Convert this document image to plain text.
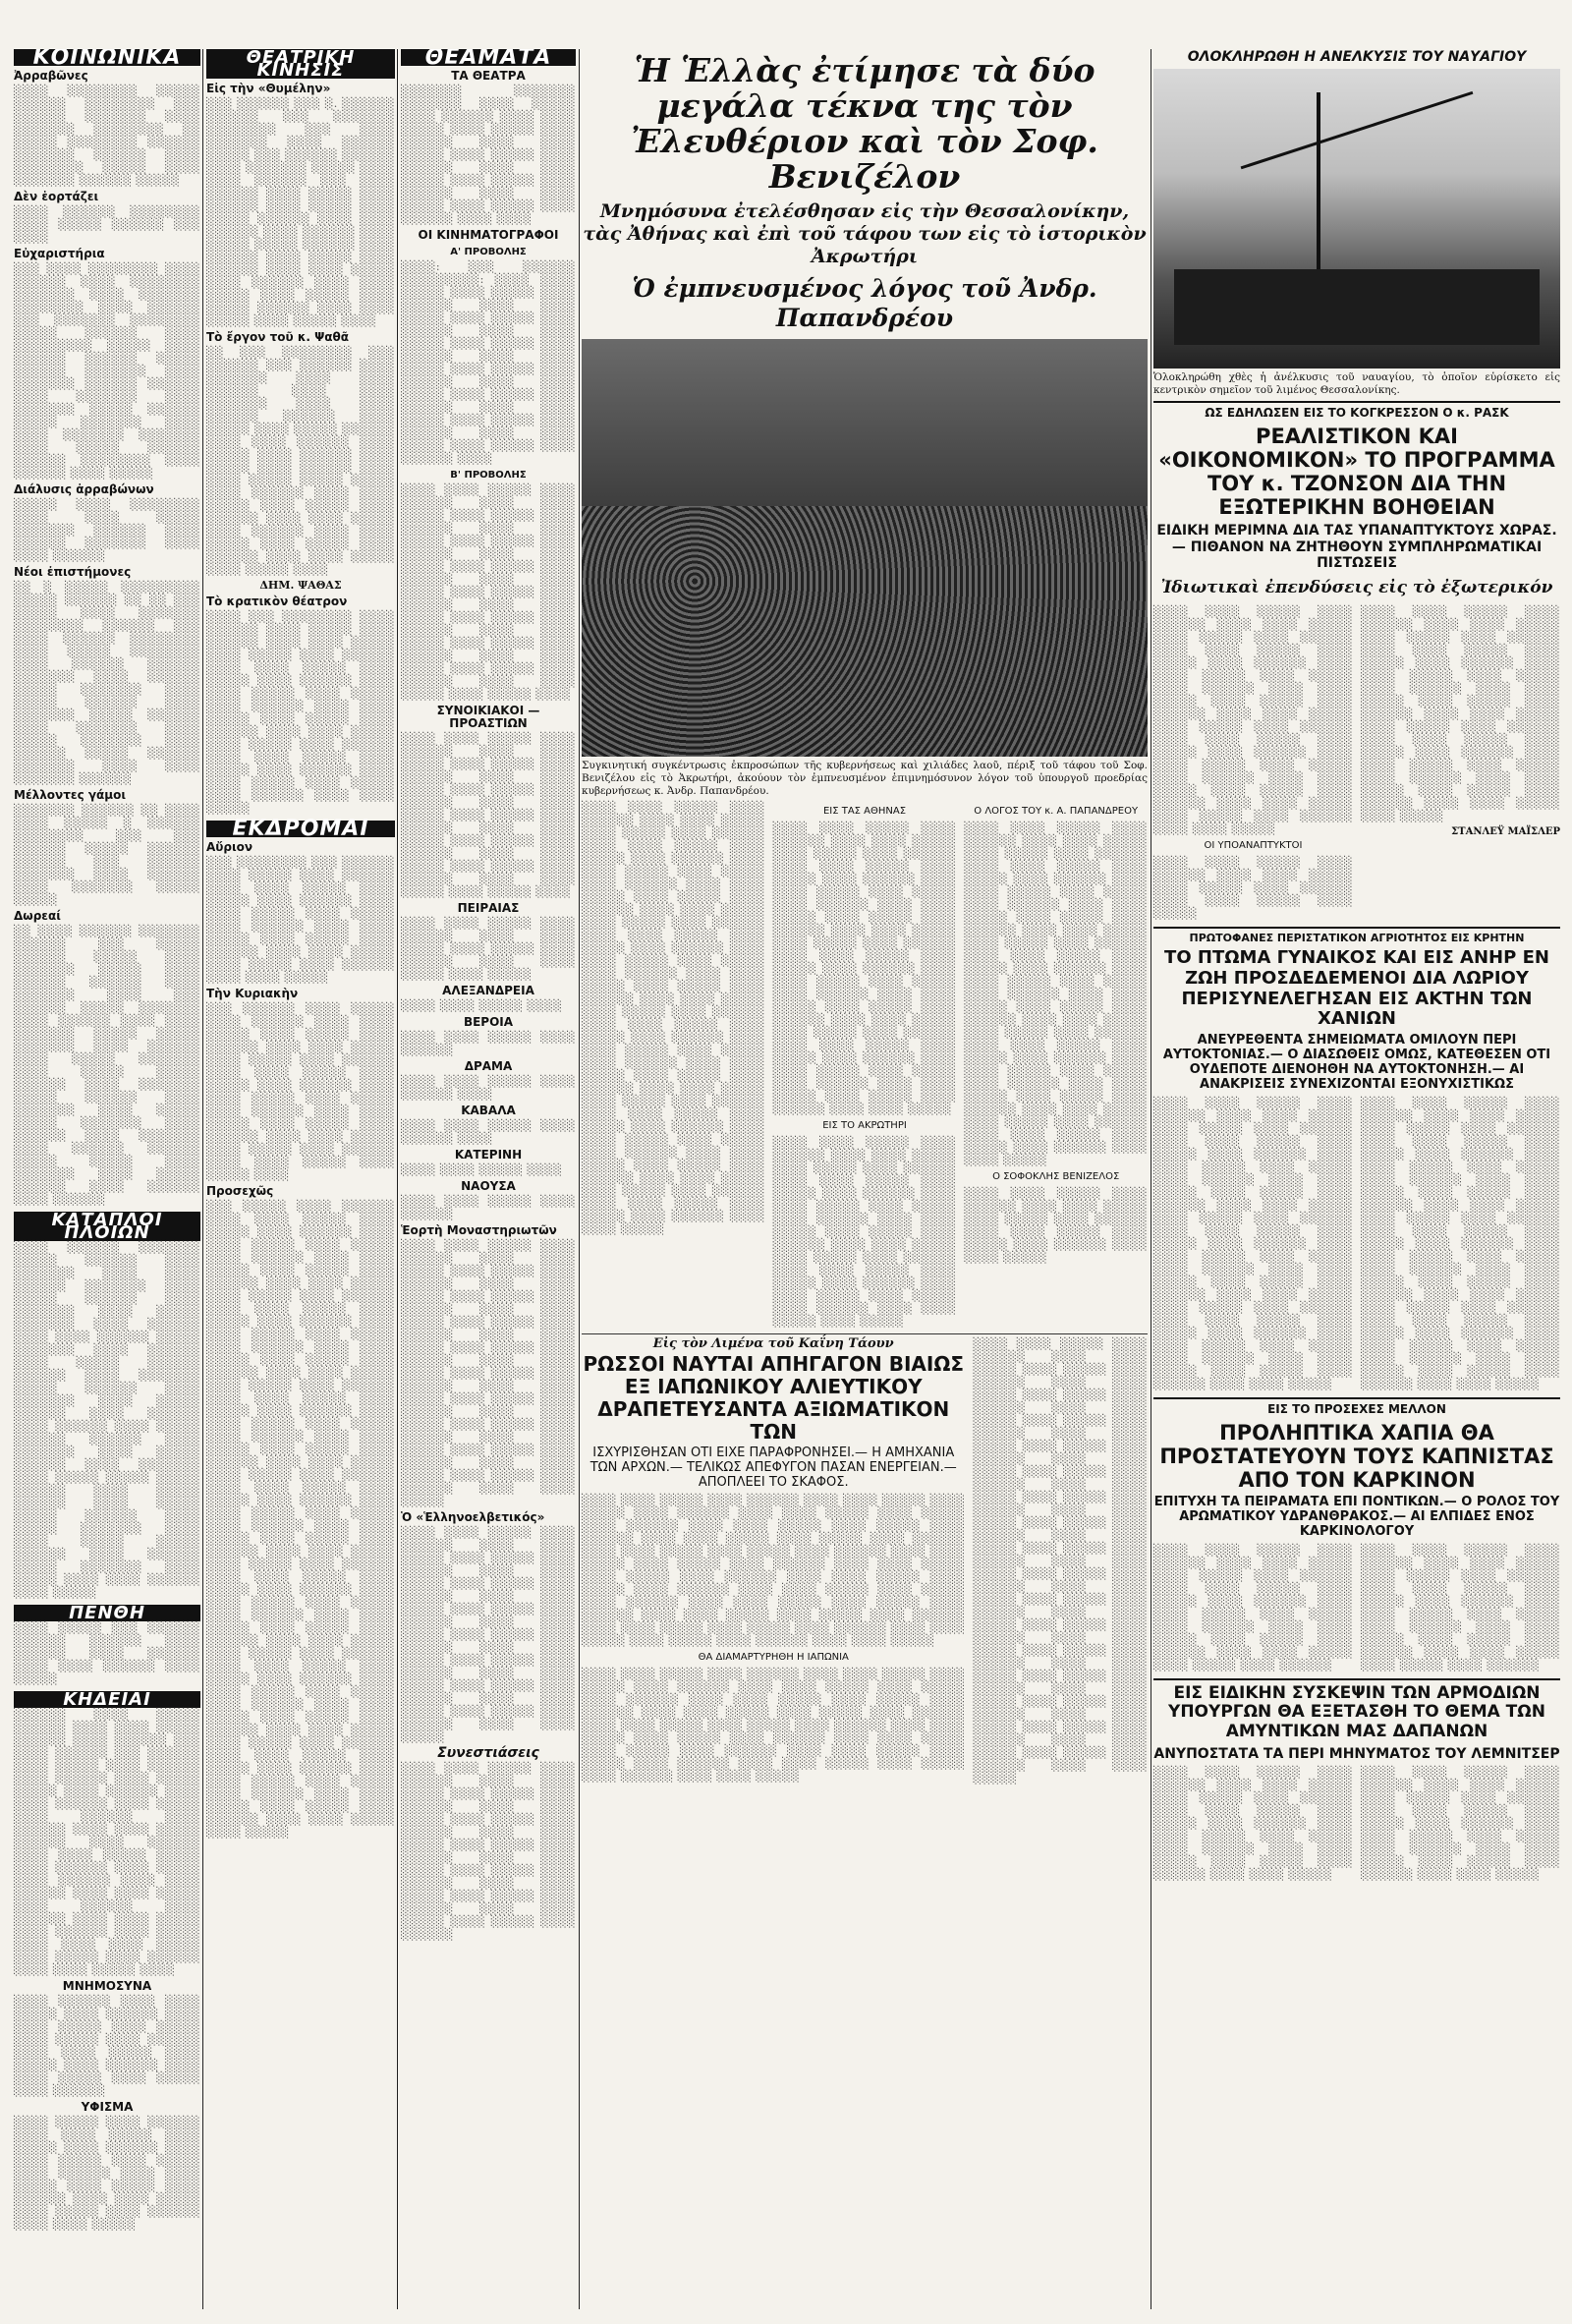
ΚΟΙΝΩΝΙΚΑ
Ἀρραβῶνες
░░░░ ░░░░░░░░ ░░░░░ ░░░░░░ ░░░░░░░░ ░░░ ░░░░░░ ░░░░░░░ ░░░░ ░░░░░░░ ░░░░░░░░ ░░ ░░░░░ ░░░░░░░░ ░░░░░░ ░░░░░░░ ░░░░░░ ░░░░ ░░░░░░░░ ░░░░░ ░░░░ ░░░░░░░ ░░░░░░ ░░░░░
Δὲν ἑορτάζει
░░░░ ░░░░░░ ░░░░░░░░ ░░░░ ░░░░░ ░░░░░░ ░░░ ░░░░
Εὐχαριστήρια
░░░ ░░░░ ░░░░░░░░ ░░░░ ░░░░░░ ░░░░ ░░░░░░░░ ░░░░░░░ ░░░░ ░░░░░░░ ░░░░░░░░ ░░░░ ░░░░░░ ░░░ ░░░░░░░ ░░░░░░░░ ░░░░░ ░░░░░░ ░░░░ ░░░░░░░░░ ░░░░░ ░░░░ ░░░░░░ ░░░░░░ ░░░░░ ░░░░░░ ░░░░░░░ ░░░░ ░░░░░░░ ░░░░░░ ░░░░░░ ░░░░ ░░░░░░░ ░░░░ ░░░░░░░ ░░░░░ ░░░░░░ ░░░░░ ░░░░░░░ ░░░░ ░░░░ ░░░░░░░ ░░░░░░░ ░░░░ ░░░░░ ░░░░░░ ░░░░░░ ░░░░░░░░ ░░░░ ░░░░░░ ░░░░ ░░░░░
Διάλυσις ἀρραβώνων
░░░░░ ░░░░ ░░░░░░░░ ░░░░ ░░░░ ░░░░░ ░░░░░░░ ░░░░░░ ░░░░ ░░░░░░ ░░░░░░░ ░░░░ ░░░░ ░░░░░░
Νέοι ἐπιστήμονες
░░ ░ ░░░░░ ░░░░░░░░░ ░░░░░ ░░░░░░ ░░ ░░ ░░░ ░░░░░ ░░░░ ░░░░░░░ ░░░░░░░░ ░░░░░░ ░░░ ░░░░ ░░░░░░ ░░░░░░░░ ░░░░ ░░░░░ ░░░░░░░░ ░░░░ ░░░░░░ ░░░░░░ ░░░░░░░ ░░░░ ░░░░░░ ░░░░░ ░░░░░░░ ░░░░ ░░░░░ ░░░░░░ ░░░░ ░░░░░░░ ░░░░░ ░░░░░░ ░░░░ ░░░░░░░ ░░░░ ░░░░░ ░░░░░░░ ░░░░ ░░░░░░ ░░░░░ ░░░░░░ ░░░░░░░ ░░░░ ░░░░ ░░░░░░░ ░░░░░░
Μέλλοντες γάμοι
░░░░░░░ ░░░░░░ ░░ ░░░░ ░░░░ ░░░░░ ░ ░░░░░░ ░░░░░░░░ ░░░ ░░░ ░░░░░░ ░░░░░ ░░░░░░ ░░░░░░ ░░░ ░░░░░░ ░░░░░░░ ░░░░ ░░░░░░ ░░░░ ░░░░░░░ ░░░░░ ░░░░░
Δωρεαί
░░ ░░░░ ░░░░░░ ░░░░░░░ ░░░░░░ ░░░ ░░░░░ ░░░░░░ ░░░░░ ░░░░ ░░░░░░░ ░░░░░ ░░░░ ░░░░░░ ░░░░░░ ░░░░ ░░░░░░░ ░░░░ ░░░ ░░░░░░ ░░░░░ ░░░░░░░ ░░░░ ░░░░░░ ░░░░ ░░░░ ░░░░░░░ ░░░░░ ░░░░░ ░░░░░░░ ░░░░ ░░░░░░ ░░░░ ░░░░░ ░░░░░░░ ░░░░ ░░░░░ ░░░░░ ░░░░░░ ░░░░ ░░░░░░░ ░░░░░ ░░░░░░ ░░░░ ░░░░░░░ ░░░░ ░░░░░ ░░░░░ ░░░░░░░ ░░░░ ░░░░░░ ░░░░ ░░░░░░░ ░░░░ ░░░░░░ ░░░░░░ ░░░░░ ░░░░░ ░░░░ ░░░░░░░ ░░░░ ░░░░░ ░░░░░░ ░░░░ ░░░░░░ ░░░░ ░░░░░░
ΚΑΤΑΠΛΟΙ ΠΛΟΙΩΝ
░░░░ ░░░░░░ ░░░░░░░ ░░░░░ ░░░░░░ ░░░░ ░░░░░░░ ░░░░ ░░░░ ░░░░░░ ░░░░░░░ ░░░░ ░░░░░ ░░░░░░ ░░░░ ░░░░░░░ ░░░░ ░░░░░ ░░░░░░░ ░░░░ ░░░░░░ ░░░░ ░░░░ ░░░░░░ ░░░░░ ░░░░░░░ ░░░░ ░░░░░░ ░░░░ ░░░░░ ░░░░░░ ░░░░░░ ░░░░ ░░░░░░░ ░░░░░ ░░░░░░ ░░░░ ░░░░░░░ ░░░░ ░░░░░ ░░░░░░ ░░░░ ░░░░░░ ░░░░ ░░░░░░ ░░░░ ░░░░░ ░░░░░░ ░░░░░░ ░░░░ ░░░░░░░ ░░░░ ░░░░░ ░░░░░░ ░░░░ ░░░░░░░ ░░░░ ░░░░░ ░░░░░ ░░░░░ ░░░░░░ ░░░░ ░░░░░ ░░░░░░ ░░░░ ░░░░░ ░░░░░ ░░░░░░ ░░░░ ░░░░░ ░░░░░░░ ░░░░ ░░░░ ░░░░░ ░░░░░ ░░░░░░ ░░░░ ░░░░░░ ░░░░░ ░░░░░░░ ░░░░ ░░░░░ ░░░░ ░░░░ ░░░░░░ ░░░░ ░░░░░
ΠΕΝΘΗ
░░░░ ░░░░░ ░░░ ░░░░░░ ░░░░░░ ░░░░░░ ░░░░ ░░░░░░ ░░░░ ░░░░░░ ░░░░ ░░░░ ░░░░░░ ░░░░ ░░░░░
ΚΗΔΕΙΑΙ
░░░░░░ ░░░░ ░░░░░ ░░░░░░ ░░░░ ░░░░ ░░░░░ ░░░░░░ ░░░░ ░░░░░░ ░░░ ░░░░ ░░░░░░ ░░░ ░░░░░░ ░░░░ ░░░░░ ░░░░ ░░░░░░ ░░░░ ░░░░░░ ░░░░ ░░░░░ ░░░░░ ░░░░ ░░░░░░ ░░░░ ░░░░ ░░░░░░ ░░░░ ░░░░░ ░░░░ ░░░░░░ ░░░░ ░░░░░░ ░░░░ ░░░░ ░░░░░ ░░░░░░ ░░░░ ░░░░░░ ░░░░ ░░░░ ░░░░░ ░░░░░ ░░░░ ░░░░░░ ░░░░ ░░░░░ ░░░░ ░░░░░░ ░░░░ ░░░░ ░░░░░░ ░░░░ ░░░░ ░░░░░ ░░░░ ░░░░░░ ░░░░ ░░░░░░ ░░░░ ░░░░ ░░░░░ ░░░░ ░░░░░░ ░░░░ ░░░░░ ░░░░ ░░░░ ░░░░ ░░░░░ ░░░░ ░░░░░ ░░░░ ░░░░░░ ░░░░ ░░░░ ░░░░░ ░░░░
ΜΝΗΜΟΣΥΝΑ
░░░░ ░░░░░░ ░░░░ ░░░░ ░░░░░ ░░░░ ░░░░░░ ░░░░ ░░░░ ░░░░░ ░░░░ ░░░░░ ░░░░ ░░░░░ ░░░░ ░░░░░░ ░░░░ ░░░░ ░░░░░ ░░░░ ░░░░░ ░░░░ ░░░░░░ ░░░░ ░░░░ ░░░░░ ░░░░ ░░░░░ ░░░░ ░░░░░░
ΥΦΙΣΜΑ
░░░░ ░░░░░ ░░░░ ░░░░░░ ░░░░ ░░░░ ░░░░░ ░░░░ ░░░░░ ░░░░ ░░░░░░ ░░░░ ░░░░ ░░░░░ ░░░░ ░░░░░ ░░░░ ░░░░░░ ░░░░ ░░░░ ░░░░░ ░░░░ ░░░░░ ░░░░ ░░░░░░ ░░░░ ░░░░ ░░░░░ ░░░░ ░░░░░ ░░░░ ░░░░░░ ░░░░ ░░░░ ░░░░░
ΘΕΑΤΡΙΚΗ ΚΙΝΗΣΙΣ
Εἰς τὴν «Θυμέλην»
░░░ ░░░░░░ ░░░ ░. ░░░░░░ ░░░░░░ ░░░ ░░░░░░░ ░░░░░░░░ ░░░ ░░░░ ░░░░░░░ ░░░░ ░░░░░░ ░░░░░ ░░░ ░░░░░░ ░░░░░░ ░░░░ ░░░░░░░ ░░░░░ ░░░░ ░░░░ ░░░░░░ ░░░ ░░░░ ░░░░░░ ░░░░ ░░░░░ ░░░░ ░░░░░░ ░░░░ ░░░░░ ░░░░ ░░░░░ ░░░░░░ ░░░░ ░░░░ ░░░░░░ ░░░░ ░░░░░░ ░░░░ ░░░░░ ░░░░░ ░░░░░░ ░░░░ ░░░░░░ ░░░░ ░░░░░ ░░░░ ░░░░░░ ░░░░ ░░░░ ░░░░░ ░░░░ ░░░░░░ ░░░░ ░░░░ ░░░░░ ░░░░ ░░░░░ ░░░░ ░░░░░ ░░░░░░ ░░░░ ░░░░ ░░░░░ ░░░░ ░░░░░ ░░░░
Τὸ ἔργον τοῦ κ. Ψαθᾶ
░░ ░░░ ░░░░░░░░ ░░░ ░░░░░░ ░░░ ░░░░░░ ░░░░ ░░░░░░░ ░░░░ ░░░░ ░░░░░░ ░░░░ ░░░░ ░░░░░░░ ░░░░ ░░░░ ░░░░░░ ░░░░░░ ░░░░ ░░░░░ ░░░░ ░░░░░ ░░░░░░ ░░░░ ░░░░ ░░░░░░ ░░░░ ░░░░░ ░░░░ ░░░░░░ ░░░░ ░░░░░ ░░░░ ░░░░░░ ░░░░ ░░░░ ░░░░░ ░░░░░ ░░░░░ ░░░░ ░░░░░░ ░░░░ ░░░░ ░░░░░ ░░░░ ░░░░░ ░░░░ ░░░░░░ ░░░░ ░░░░ ░░░░░ ░░░░ ░░░░░░ ░░░░ ░░░░ ░░░░░ ░░░░ ░░░░░ ░░░░ ░░░░░░ ░░░░ ░░░░ ░░░░░ ░░░░ ░░░░░ ░░░░
ΔΗΜ. ΨΑΘΑΣ
Τὸ κρατικὸν θέατρον
░░░░ ░░░ ░░░░░░░░ ░░░░ ░░░░░░ ░░░░ ░░░░░ ░░░░ ░░░░░░ ░░░░ ░░░░ ░░░░░ ░░░░ ░░░░░ ░░░░ ░░░░░░ ░░░░ ░░░░ ░░░░░ ░░░░ ░░░░░ ░░░░ ░░░░░░ ░░░░ ░░░░ ░░░░░ ░░░░ ░░░░░ ░░░░ ░░░░░░ ░░░░ ░░░░ ░░░░░ ░░░░ ░░░░░ ░░░░ ░░░░░░ ░░░░ ░░░░ ░░░░░ ░░░░ ░░░░░ ░░░░ ░░░░░░ ░░░░ ░░░░ ░░░░░ ░░░░ ░░░░░ ░░░░ ░░░░░░ ░░░░ ░░░░ ░░░░░ ░░░░ ░░░░░ ░░░░ ░░░░░░ ░░░░ ░░░░ ░░░░░
ΕΚΔΡΟΜΑΙ
Αὔριον
░░░ ░░░░░░░░ ░░░ ░░░░░░ ░░░░ ░░░░░ ░░░░ ░░░░░░ ░░░░ ░░░░ ░░░░░ ░░░░ ░░░░░ ░░░░ ░░░░░░ ░░░░ ░░░░ ░░░░░ ░░░░ ░░░░░ ░░░░ ░░░░░░ ░░░░ ░░░░ ░░░░░ ░░░░ ░░░░░ ░░░░ ░░░░░░ ░░░░ ░░░░ ░░░░░ ░░░░ ░░░░░ ░░░░ ░░░░░░ ░░░░ ░░░░ ░░░░░
Τὴν Κυριακὴν
░░░ ░░░░░░ ░░░░ ░░░░░ ░░░░ ░░░░░░ ░░░░ ░░░░ ░░░░░ ░░░░ ░░░░░ ░░░░ ░░░░░░ ░░░░ ░░░░ ░░░░░ ░░░░ ░░░░░ ░░░░ ░░░░░░ ░░░░ ░░░░ ░░░░░ ░░░░ ░░░░░ ░░░░ ░░░░░░ ░░░░ ░░░░ ░░░░░ ░░░░ ░░░░░ ░░░░ ░░░░░░ ░░░░ ░░░░ ░░░░░ ░░░░ ░░░░░ ░░░░ ░░░░░░ ░░░░ ░░░░ ░░░░░ ░░░░ ░░░░░ ░░░░ ░░░░░░ ░░░░ ░░░░ ░░░░░ ░░░░ ░░░░░ ░░░░
Προσεχῶς
░░░ ░░░░░ ░░░░ ░░░░░░ ░░░░ ░░░░ ░░░░░ ░░░░ ░░░░░ ░░░░ ░░░░░░ ░░░░ ░░░░ ░░░░░ ░░░░ ░░░░░ ░░░░ ░░░░░░ ░░░░ ░░░░ ░░░░░ ░░░░ ░░░░░ ░░░░ ░░░░░░ ░░░░ ░░░░ ░░░░░ ░░░░ ░░░░░ ░░░░ ░░░░░░ ░░░░ ░░░░ ░░░░░ ░░░░ ░░░░░ ░░░░ ░░░░░░ ░░░░ ░░░░ ░░░░░ ░░░░ ░░░░░ ░░░░ ░░░░░░ ░░░░ ░░░░ ░░░░░ ░░░░ ░░░░░ ░░░░ ░░░░░░ ░░░░ ░░░░ ░░░░░ ░░░░ ░░░░░ ░░░░ ░░░░░░ ░░░░ ░░░░ ░░░░░ ░░░░ ░░░░░ ░░░░ ░░░░░░ ░░░░ ░░░░ ░░░░░ ░░░░ ░░░░░ ░░░░ ░░░░░░ ░░░░ ░░░░ ░░░░░ ░░░░ ░░░░░ ░░░░ ░░░░░░ ░░░░ ░░░░ ░░░░░ ░░░░ ░░░░░ ░░░░ ░░░░░░ ░░░░ ░░░░ ░░░░░ ░░░░ ░░░░░ ░░░░ ░░░░░░ ░░░░ ░░░░ ░░░░░ ░░░░ ░░░░░ ░░░░ ░░░░░░ ░░░░ ░░░░ ░░░░░ ░░░░ ░░░░░ ░░░░ ░░░░░░ ░░░░ ░░░░ ░░░░░ ░░░░ ░░░░░ ░░░░ ░░░░░░ ░░░░ ░░░░ ░░░░░ ░░░░ ░░░░░ ░░░░ ░░░░░░ ░░░░ ░░░░ ░░░░░ ░░░░ ░░░░░ ░░░░ ░░░░░░ ░░░░ ░░░░ ░░░░░ ░░░░ ░░░░░ ░░░░ ░░░░░░ ░░░░ ░░░░ ░░░░░ ░░░░ ░░░░░ ░░░░ ░░░░░░ ░░░░ ░░░░ ░░░░░ ░░░░ ░░░░░ ░░░░ ░░░░░░ ░░░░ ░░░░ ░░░░░ ░░░░ ░░░░░ ░░░░ ░░░░░░ ░░░░ ░░░░ ░░░░░ ░░░░ ░░░░░ ░░░░ ░░░░░░ ░░░░ ░░░░ ░░░░░ ░░░░ ░░░░░ ░░░░ ░░░░░░ ░░░░ ░░░░ ░░░░░ ░░░░ ░░░░░ ░░░░ ░░░░░░ ░░░░ ░░░░ ░░░░░ ░░░░ ░░░░░ ░░░░ ░░░░░░ ░░░░ ░░░░ ░░░░░ ░░░░ ░░░░░ ░░░░ ░░░░░░ ░░░░ ░░░░ ░░░░░ ░░░░ ░░░░░
ΘΕΑΜΑΤΑ
ΤΑ ΘΕΑΤΡΑ
░░░░░░░ ░░░░░░░ ░░░░░░░ ░░░░ ░░░░░ ░░░░ ░░░░░░ ░░░░ ░░░░ ░░░░░ ░░░░ ░░░░░ ░░░░ ░░░░░░ ░░░░ ░░░░ ░░░░░ ░░░░ ░░░░░ ░░░░ ░░░░░░ ░░░░ ░░░░ ░░░░░ ░░░░ ░░░░░ ░░░░ ░░░░░░ ░░░░ ░░░░ ░░░░░ ░░░░ ░░░░░ ░░░░ ░░░░░░ ░░░░ ░░░░
ΟΙ ΚΙΝΗΜΑΤΟΓΡΑΦΟΙ
Α' ΠΡΟΒΟΛΗΣ
░░░░: ░░░ ░░░░░░ ░░░░░░░░░: ░░░░ ░░░░ ░░░░░ ░░░░ ░░░░░ ░░░░ ░░░░░░ ░░░░ ░░░░ ░░░░░ ░░░░ ░░░░░ ░░░░ ░░░░░░ ░░░░ ░░░░ ░░░░░ ░░░░ ░░░░░ ░░░░ ░░░░░░ ░░░░ ░░░░ ░░░░░ ░░░░ ░░░░░ ░░░░ ░░░░░░ ░░░░ ░░░░ ░░░░░ ░░░░ ░░░░░ ░░░░ ░░░░░░ ░░░░ ░░░░ ░░░░░ ░░░░ ░░░░░ ░░░░ ░░░░░░ ░░░░ ░░░░ ░░░░░ ░░░░ ░░░░░ ░░░░ ░░░░░░ ░░░░
Β' ΠΡΟΒΟΛΗΣ
░░░░ ░░░░ ░░░░░ ░░░░ ░░░░░░ ░░░░ ░░░░ ░░░░░ ░░░░ ░░░░░ ░░░░ ░░░░░░ ░░░░ ░░░░ ░░░░░ ░░░░ ░░░░░ ░░░░ ░░░░░░ ░░░░ ░░░░ ░░░░░ ░░░░ ░░░░░ ░░░░ ░░░░░░ ░░░░ ░░░░ ░░░░░ ░░░░ ░░░░░ ░░░░ ░░░░░░ ░░░░ ░░░░ ░░░░░ ░░░░ ░░░░░ ░░░░ ░░░░░░ ░░░░ ░░░░ ░░░░░ ░░░░ ░░░░░ ░░░░ ░░░░░░ ░░░░ ░░░░ ░░░░░ ░░░░ ░░░░░ ░░░░ ░░░░░░ ░░░░ ░░░░ ░░░░░ ░░░░ ░░░░░ ░░░░
ΣΥΝΟΙΚΙΑΚΟΙ — ΠΡΟΑΣΤΙΩΝ
░░░░ ░░░░ ░░░░░ ░░░░ ░░░░░░ ░░░░ ░░░░ ░░░░░ ░░░░ ░░░░░ ░░░░ ░░░░░░ ░░░░ ░░░░ ░░░░░ ░░░░ ░░░░░ ░░░░ ░░░░░░ ░░░░ ░░░░ ░░░░░ ░░░░ ░░░░░ ░░░░ ░░░░░░ ░░░░ ░░░░ ░░░░░ ░░░░ ░░░░░ ░░░░ ░░░░░░ ░░░░ ░░░░ ░░░░░ ░░░░ ░░░░░ ░░░░ ░░░░░░ ░░░░ ░░░░ ░░░░░ ░░░░ ░░░░░ ░░░░
ΠΕΙΡΑΙΑΣ
░░░░ ░░░░ ░░░░░ ░░░░ ░░░░░░ ░░░░ ░░░░ ░░░░░ ░░░░ ░░░░░ ░░░░ ░░░░░░ ░░░░ ░░░░ ░░░░░ ░░░░ ░░░░░
ΑΛΕΞΑΝΔΡΕΙΑ
░░░░ ░░░░ ░░░░░ ░░░░
ΒΕΡΟΙΑ
░░░░ ░░░░ ░░░░░ ░░░░ ░░░░░░
ΔΡΑΜΑ
░░░░ ░░░░ ░░░░░ ░░░░ ░░░░░░ ░░░░
ΚΑΒΑΛΑ
░░░░ ░░░░ ░░░░░ ░░░░ ░░░░░░ ░░░░
ΚΑΤΕΡΙΝΗ
░░░░ ░░░░ ░░░░░ ░░░░
ΝΑΟΥΣΑ
░░░░ ░░░░ ░░░░░ ░░░░ ░░░░░░
Ἑορτὴ Μοναστηριωτῶν
░░░░ ░░░░ ░░░░░ ░░░░ ░░░░░░ ░░░░ ░░░░ ░░░░░ ░░░░ ░░░░░ ░░░░ ░░░░░░ ░░░░ ░░░░ ░░░░░ ░░░░ ░░░░░ ░░░░ ░░░░░░ ░░░░ ░░░░ ░░░░░ ░░░░ ░░░░░ ░░░░ ░░░░░░ ░░░░ ░░░░ ░░░░░ ░░░░ ░░░░░ ░░░░ ░░░░░░ ░░░░ ░░░░ ░░░░░ ░░░░ ░░░░░ ░░░░ ░░░░░░ ░░░░ ░░░░ ░░░░░ ░░░░ ░░░░░ ░░░░ ░░░░░░ ░░░░ ░░░░ ░░░░░ ░░░░ ░░░░░ ░░░░ ░░░░░░ ░░░░ ░░░░ ░░░░░ ░░░░ ░░░░░ ░░░░ ░░░░░░ ░░░░ ░░░░ ░░░░░ ░░░░ ░░░░░ ░░░░ ░░░░░░ ░░░░ ░░░░ ░░░░░
Ὁ «Ἑλληνοελβετικός»
░░░░ ░░░░ ░░░░░ ░░░░ ░░░░░░ ░░░░ ░░░░ ░░░░░ ░░░░ ░░░░░ ░░░░ ░░░░░░ ░░░░ ░░░░ ░░░░░ ░░░░ ░░░░░ ░░░░ ░░░░░░ ░░░░ ░░░░ ░░░░░ ░░░░ ░░░░░ ░░░░ ░░░░░░ ░░░░ ░░░░ ░░░░░ ░░░░ ░░░░░ ░░░░ ░░░░░░ ░░░░ ░░░░ ░░░░░ ░░░░ ░░░░░ ░░░░ ░░░░░░ ░░░░ ░░░░ ░░░░░ ░░░░ ░░░░░ ░░░░ ░░░░░░ ░░░░ ░░░░ ░░░░░ ░░░░ ░░░░░ ░░░░ ░░░░░░ ░░░░ ░░░░ ░░░░░
Συνεστιάσεις
░░░░ ░░░░ ░░░░░ ░░░░ ░░░░░░ ░░░░ ░░░░ ░░░░░ ░░░░ ░░░░░ ░░░░ ░░░░░░ ░░░░ ░░░░ ░░░░░ ░░░░ ░░░░░ ░░░░ ░░░░░░ ░░░░ ░░░░ ░░░░░ ░░░░ ░░░░░ ░░░░ ░░░░░░ ░░░░ ░░░░ ░░░░░ ░░░░ ░░░░░ ░░░░ ░░░░░░ ░░░░ ░░░░ ░░░░░ ░░░░ ░░░░░ ░░░░ ░░░░░░ ░░░░ ░░░░ ░░░░░ ░░░░ ░░░░░ ░░░░ ░░░░░░
Ἡ Ἑλλὰς ἐτίμησε τὰ δύο μεγάλα τέκνα της τὸν Ἐλευθέριον καὶ τὸν Σοφ. Βενιζέλον
Μνημόσυνα ἐτελέσθησαν εἰς τὴν Θεσσαλονίκην, τὰς Ἀθήνας καὶ ἐπὶ τοῦ τάφου των εἰς τὸ ἱστορικὸν Ἀκρωτήρι
Ὁ ἐμπνευσμένος λόγος τοῦ Ἀνδρ. Παπανδρέου
Συγκινητική συγκέντρωσις ἐκπροσώπων τῆς κυβερνήσεως καὶ χιλιάδες λαοῦ, πέριξ τοῦ τάφου τοῦ Σοφ. Βενιζέλου εἰς τὸ Ἀκρωτήρι, ἀκούουν τὸν ἐμπνευσμένον ἐπιμνημόσυνον λόγον τοῦ ὑπουργοῦ προεδρίας κυβερνήσεως κ. Ἀνδρ. Παπανδρέου.
░░░░ ░░░░ ░░░░░ ░░░░ ░░░░░░ ░░░░ ░░░░ ░░░░░ ░░░░ ░░░░░ ░░░░ ░░░░░░ ░░░░ ░░░░ ░░░░░ ░░░░ ░░░░░ ░░░░ ░░░░░░ ░░░░ ░░░░ ░░░░░ ░░░░ ░░░░░ ░░░░ ░░░░░░ ░░░░ ░░░░ ░░░░░ ░░░░ ░░░░░ ░░░░ ░░░░░░ ░░░░ ░░░░ ░░░░░ ░░░░ ░░░░░ ░░░░ ░░░░░░ ░░░░ ░░░░ ░░░░░ ░░░░ ░░░░░ ░░░░ ░░░░░░ ░░░░ ░░░░ ░░░░░ ░░░░ ░░░░░ ░░░░ ░░░░░░ ░░░░ ░░░░ ░░░░░ ░░░░ ░░░░░ ░░░░ ░░░░░░ ░░░░ ░░░░ ░░░░░ ░░░░ ░░░░░ ░░░░ ░░░░░░ ░░░░ ░░░░ ░░░░░ ░░░░ ░░░░░ ░░░░ ░░░░░░ ░░░░ ░░░░ ░░░░░ ░░░░ ░░░░░ ░░░░ ░░░░░░ ░░░░ ░░░░ ░░░░░ ░░░░ ░░░░░ ░░░░ ░░░░░░ ░░░░ ░░░░ ░░░░░ ░░░░ ░░░░░ ░░░░ ░░░░░░ ░░░░ ░░░░ ░░░░░ ░░░░ ░░░░░ ░░░░ ░░░░░░ ░░░░ ░░░░ ░░░░░ ░░░░ ░░░░░ ░░░░ ░░░░░░ ░░░░ ░░░░ ░░░░░ ░░░░ ░░░░░ ░░░░ ░░░░░░ ░░░░ ░░░░ ░░░░░ ░░░░ ░░░░░ ░░░░ ░░░░░░ ░░░░ ░░░░ ░░░░░ ░░░░ ░░░░░ ░░░░ ░░░░░░ ░░░░ ░░░░ ░░░░░
ΕΙΣ ΤΑΣ ΑΘΗΝΑΣ
░░░░ ░░░░ ░░░░░ ░░░░ ░░░░░░ ░░░░ ░░░░ ░░░░░ ░░░░ ░░░░░ ░░░░ ░░░░░░ ░░░░ ░░░░ ░░░░░ ░░░░ ░░░░░ ░░░░ ░░░░░░ ░░░░ ░░░░ ░░░░░ ░░░░ ░░░░░ ░░░░ ░░░░░░ ░░░░ ░░░░ ░░░░░ ░░░░ ░░░░░ ░░░░ ░░░░░░ ░░░░ ░░░░ ░░░░░ ░░░░ ░░░░░ ░░░░ ░░░░░░ ░░░░ ░░░░ ░░░░░ ░░░░ ░░░░░ ░░░░ ░░░░░░ ░░░░ ░░░░ ░░░░░ ░░░░ ░░░░░ ░░░░ ░░░░░░ ░░░░ ░░░░ ░░░░░ ░░░░ ░░░░░ ░░░░ ░░░░░░ ░░░░ ░░░░ ░░░░░ ░░░░ ░░░░░ ░░░░ ░░░░░░ ░░░░ ░░░░ ░░░░░ ░░░░ ░░░░░ ░░░░ ░░░░░░ ░░░░ ░░░░ ░░░░░ ░░░░ ░░░░░ ░░░░ ░░░░░░ ░░░░ ░░░░ ░░░░░ ░░░░ ░░░░░ ░░░░ ░░░░░░ ░░░░ ░░░░ ░░░░░
ΕΙΣ ΤΟ ΑΚΡΩΤΗΡΙ
░░░░ ░░░░ ░░░░░ ░░░░ ░░░░░░ ░░░░ ░░░░ ░░░░░ ░░░░ ░░░░░ ░░░░ ░░░░░░ ░░░░ ░░░░ ░░░░░ ░░░░ ░░░░░ ░░░░ ░░░░░░ ░░░░ ░░░░ ░░░░░ ░░░░ ░░░░░ ░░░░ ░░░░░░ ░░░░ ░░░░ ░░░░░ ░░░░ ░░░░░ ░░░░ ░░░░░░ ░░░░ ░░░░ ░░░░░ ░░░░ ░░░░░ ░░░░ ░░░░░░ ░░░░ ░░░░ ░░░░░ ░░░░ ░░░░░ ░░░░ ░░░░░░ ░░░░ ░░░░ ░░░░░ ░░░░ ░░░░░ ░░░░ ░░░░░░ ░░░░ ░░░░ ░░░░░ ░░░░ ░░░░░
Ο ΛΟΓΟΣ ΤΟΥ κ. Α. ΠΑΠΑΝΔΡΕΟΥ
░░░░ ░░░░ ░░░░░ ░░░░ ░░░░░░ ░░░░ ░░░░ ░░░░░ ░░░░ ░░░░░ ░░░░ ░░░░░░ ░░░░ ░░░░ ░░░░░ ░░░░ ░░░░░ ░░░░ ░░░░░░ ░░░░ ░░░░ ░░░░░ ░░░░ ░░░░░ ░░░░ ░░░░░░ ░░░░ ░░░░ ░░░░░ ░░░░ ░░░░░ ░░░░ ░░░░░░ ░░░░ ░░░░ ░░░░░ ░░░░ ░░░░░ ░░░░ ░░░░░░ ░░░░ ░░░░ ░░░░░ ░░░░ ░░░░░ ░░░░ ░░░░░░ ░░░░ ░░░░ ░░░░░ ░░░░ ░░░░░ ░░░░ ░░░░░░ ░░░░ ░░░░ ░░░░░ ░░░░ ░░░░░ ░░░░ ░░░░░░ ░░░░ ░░░░ ░░░░░ ░░░░ ░░░░░ ░░░░ ░░░░░░ ░░░░ ░░░░ ░░░░░ ░░░░ ░░░░░ ░░░░ ░░░░░░ ░░░░ ░░░░ ░░░░░ ░░░░ ░░░░░ ░░░░ ░░░░░░ ░░░░ ░░░░ ░░░░░ ░░░░ ░░░░░ ░░░░ ░░░░░░ ░░░░ ░░░░ ░░░░░ ░░░░ ░░░░░ ░░░░ ░░░░░░ ░░░░ ░░░░ ░░░░░ ░░░░ ░░░░░ ░░░░ ░░░░░░ ░░░░ ░░░░ ░░░░░
Ο ΣΟΦΟΚΛΗΣ ΒΕΝΙΖΕΛΟΣ
░░░░ ░░░░ ░░░░░ ░░░░ ░░░░░░ ░░░░ ░░░░ ░░░░░ ░░░░ ░░░░░ ░░░░ ░░░░░░ ░░░░ ░░░░ ░░░░░ ░░░░ ░░░░░ ░░░░ ░░░░░░ ░░░░ ░░░░ ░░░░░
Εἰς τὸν Λιμένα τοῦ Καΐνη Τάουν
ΡΩΣΣΟΙ ΝΑΥΤΑΙ ΑΠΗΓΑΓΟΝ ΒΙΑΙΩΣ ΕΞ ΙΑΠΩΝΙΚΟΥ ΑΛΙΕΥΤΙΚΟΥ ΔΡΑΠΕΤΕΥΣΑΝΤΑ ΑΞΙΩΜΑΤΙΚΟΝ ΤΩΝ
ΙΣΧΥΡΙΣΘΗΣΑΝ ΟΤΙ ΕΙΧΕ ΠΑΡΑΦΡΟΝΗΣΕΙ.— Η ΑΜΗΧΑΝΙΑ ΤΩΝ ΑΡΧΩΝ.— ΤΕΛΙΚΩΣ ΑΠΕΦΥΓΟΝ ΠΑΣΑΝ ΕΝΕΡΓΕΙΑΝ.— ΑΠΟΠΛΕΕΙ ΤΟ ΣΚΑΦΟΣ.
░░░░ ░░░░ ░░░░░ ░░░░ ░░░░░░ ░░░░ ░░░░ ░░░░░ ░░░░ ░░░░░ ░░░░ ░░░░░░ ░░░░ ░░░░ ░░░░░ ░░░░ ░░░░░ ░░░░ ░░░░░░ ░░░░ ░░░░ ░░░░░ ░░░░ ░░░░░ ░░░░ ░░░░░░ ░░░░ ░░░░ ░░░░░ ░░░░ ░░░░░ ░░░░ ░░░░░░ ░░░░ ░░░░ ░░░░░ ░░░░ ░░░░░ ░░░░ ░░░░░░ ░░░░ ░░░░ ░░░░░ ░░░░ ░░░░░ ░░░░ ░░░░░░ ░░░░ ░░░░ ░░░░░ ░░░░ ░░░░░ ░░░░ ░░░░░░ ░░░░ ░░░░ ░░░░░ ░░░░ ░░░░░ ░░░░ ░░░░░░ ░░░░ ░░░░ ░░░░░ ░░░░ ░░░░░ ░░░░ ░░░░░░ ░░░░ ░░░░ ░░░░░ ░░░░ ░░░░░ ░░░░ ░░░░░░ ░░░░ ░░░░ ░░░░░ ░░░░ ░░░░░ ░░░░ ░░░░░░ ░░░░ ░░░░ ░░░░░ ░░░░ ░░░░░ ░░░░ ░░░░░░ ░░░░ ░░░░ ░░░░░ ░░░░ ░░░░░ ░░░░ ░░░░░░ ░░░░ ░░░░ ░░░░░
ΘΑ ΔΙΑΜΑΡΤΥΡΗΘΗ Η ΙΑΠΩΝΙΑ
░░░░ ░░░░ ░░░░░ ░░░░ ░░░░░░ ░░░░ ░░░░ ░░░░░ ░░░░ ░░░░░ ░░░░ ░░░░░░ ░░░░ ░░░░ ░░░░░ ░░░░ ░░░░░ ░░░░ ░░░░░░ ░░░░ ░░░░ ░░░░░ ░░░░ ░░░░░ ░░░░ ░░░░░░ ░░░░ ░░░░ ░░░░░ ░░░░ ░░░░░ ░░░░ ░░░░░░ ░░░░ ░░░░ ░░░░░ ░░░░ ░░░░░ ░░░░ ░░░░░░ ░░░░ ░░░░ ░░░░░ ░░░░ ░░░░░ ░░░░ ░░░░░░ ░░░░ ░░░░ ░░░░░ ░░░░ ░░░░░ ░░░░ ░░░░░░ ░░░░ ░░░░ ░░░░░ ░░░░ ░░░░░ ░░░░ ░░░░░░ ░░░░ ░░░░ ░░░░░ ░░░░ ░░░░░ ░░░░ ░░░░░░ ░░░░ ░░░░ ░░░░░
░░░░ ░░░░ ░░░░░ ░░░░ ░░░░░░ ░░░░ ░░░░ ░░░░░ ░░░░ ░░░░░ ░░░░ ░░░░░░ ░░░░ ░░░░ ░░░░░ ░░░░ ░░░░░ ░░░░ ░░░░░░ ░░░░ ░░░░ ░░░░░ ░░░░ ░░░░░ ░░░░ ░░░░░░ ░░░░ ░░░░ ░░░░░ ░░░░ ░░░░░ ░░░░ ░░░░░░ ░░░░ ░░░░ ░░░░░ ░░░░ ░░░░░ ░░░░ ░░░░░░ ░░░░ ░░░░ ░░░░░ ░░░░ ░░░░░ ░░░░ ░░░░░░ ░░░░ ░░░░ ░░░░░ ░░░░ ░░░░░ ░░░░ ░░░░░░ ░░░░ ░░░░ ░░░░░ ░░░░ ░░░░░ ░░░░ ░░░░░░ ░░░░ ░░░░ ░░░░░ ░░░░ ░░░░░ ░░░░ ░░░░░░ ░░░░ ░░░░ ░░░░░ ░░░░ ░░░░░ ░░░░ ░░░░░░ ░░░░ ░░░░ ░░░░░ ░░░░ ░░░░░ ░░░░ ░░░░░░ ░░░░ ░░░░ ░░░░░ ░░░░ ░░░░░ ░░░░ ░░░░░░ ░░░░ ░░░░ ░░░░░ ░░░░ ░░░░░ ░░░░ ░░░░░░ ░░░░ ░░░░ ░░░░░ ░░░░ ░░░░░ ░░░░ ░░░░░░ ░░░░ ░░░░ ░░░░░ ░░░░ ░░░░░ ░░░░ ░░░░░░ ░░░░ ░░░░ ░░░░░ ░░░░ ░░░░░ ░░░░ ░░░░░░ ░░░░ ░░░░ ░░░░░
ΟΛΟΚΛΗΡΩΘΗ Η ΑΝΕΛΚΥΣΙΣ ΤΟΥ ΝΑΥΑΓΙΟΥ
Ὁλοκληρώθη χθὲς ἡ ἀνέλκυσις τοῦ ναυαγίου, τὸ ὁποῖον εὑρίσκετο εἰς κεντρικὸν σημεῖον τοῦ λιμένος Θεσσαλονίκης.
ΩΣ ΕΔΗΛΩΣΕΝ ΕΙΣ ΤΟ ΚΟΓΚΡΕΣΣΟΝ Ο κ. ΡΑΣΚ
ΡΕΑΛΙΣΤΙΚΟΝ ΚΑΙ «ΟΙΚΟΝΟΜΙΚΟΝ» ΤΟ ΠΡΟΓΡΑΜΜΑ ΤΟΥ κ. ΤΖΟΝΣΟΝ ΔΙΑ ΤΗΝ ΕΞΩΤΕΡΙΚΗΝ ΒΟΗΘΕΙΑΝ
ΕΙΔΙΚΗ ΜΕΡΙΜΝΑ ΔΙΑ ΤΑΣ ΥΠΑΝΑΠΤΥΚΤΟΥΣ ΧΩΡΑΣ.— ΠΙΘΑΝΟΝ ΝΑ ΖΗΤΗΘΟΥΝ ΣΥΜΠΛΗΡΩΜΑΤΙΚΑΙ ΠΙΣΤΩΣΕΙΣ
Ἰδιωτικαὶ ἐπενδύσεις εἰς τὸ ἐξωτερικόν
░░░░ ░░░░ ░░░░░ ░░░░ ░░░░░░ ░░░░ ░░░░ ░░░░░ ░░░░ ░░░░░ ░░░░ ░░░░░░ ░░░░ ░░░░ ░░░░░ ░░░░ ░░░░░ ░░░░ ░░░░░░ ░░░░ ░░░░ ░░░░░ ░░░░ ░░░░░ ░░░░ ░░░░░░ ░░░░ ░░░░ ░░░░░ ░░░░ ░░░░░ ░░░░ ░░░░░░ ░░░░ ░░░░ ░░░░░ ░░░░ ░░░░░ ░░░░ ░░░░░░ ░░░░ ░░░░ ░░░░░ ░░░░ ░░░░░ ░░░░ ░░░░░░ ░░░░ ░░░░ ░░░░░ ░░░░ ░░░░░ ░░░░ ░░░░░░ ░░░░ ░░░░ ░░░░░ ░░░░ ░░░░░ ░░░░ ░░░░░░ ░░░░ ░░░░ ░░░░░ ░░░░ ░░░░░ ░░░░ ░░░░░░ ░░░░ ░░░░ ░░░░░
ΟΙ ΥΠΟΑΝΑΠΤΥΚΤΟΙ
░░░░ ░░░░ ░░░░░ ░░░░ ░░░░░░ ░░░░ ░░░░ ░░░░░ ░░░░ ░░░░░ ░░░░ ░░░░░░ ░░░░ ░░░░ ░░░░░ ░░░░ ░░░░░
░░░░ ░░░░ ░░░░░ ░░░░ ░░░░░░ ░░░░ ░░░░ ░░░░░ ░░░░ ░░░░░ ░░░░ ░░░░░░ ░░░░ ░░░░ ░░░░░ ░░░░ ░░░░░ ░░░░ ░░░░░░ ░░░░ ░░░░ ░░░░░ ░░░░ ░░░░░ ░░░░ ░░░░░░ ░░░░ ░░░░ ░░░░░ ░░░░ ░░░░░ ░░░░ ░░░░░░ ░░░░ ░░░░ ░░░░░ ░░░░ ░░░░░ ░░░░ ░░░░░░ ░░░░ ░░░░ ░░░░░ ░░░░ ░░░░░ ░░░░ ░░░░░░ ░░░░ ░░░░ ░░░░░ ░░░░ ░░░░░ ░░░░ ░░░░░░ ░░░░ ░░░░ ░░░░░ ░░░░ ░░░░░ ░░░░ ░░░░░░ ░░░░ ░░░░ ░░░░░ ░░░░ ░░░░░
ΣΤΑΝΛΕΫ ΜΑΪΣΛΕΡ
ΠΡΩΤΟΦΑΝΕΣ ΠΕΡΙΣΤΑΤΙΚΟΝ ΑΓΡΙΟΤΗΤΟΣ ΕΙΣ ΚΡΗΤΗΝ
ΤΟ ΠΤΩΜΑ ΓΥΝΑΙΚΟΣ ΚΑΙ ΕΙΣ ΑΝΗΡ ΕΝ ΖΩΗ ΠΡΟΣΔΕΔΕΜΕΝΟΙ ΔΙΑ ΛΩΡΙΟΥ ΠΕΡΙΣΥΝΕΛΕΓΗΣΑΝ ΕΙΣ ΑΚΤΗΝ ΤΩΝ ΧΑΝΙΩΝ
ΑΝΕΥΡΕΘΕΝΤΑ ΣΗΜΕΙΩΜΑΤΑ ΟΜΙΛΟΥΝ ΠΕΡΙ ΑΥΤΟΚΤΟΝΙΑΣ.— Ο ΔΙΑΣΩΘΕΙΣ ΟΜΩΣ, ΚΑΤΕΘΕΣΕΝ ΟΤΙ ΟΥΔΕΠΟΤΕ ΔΙΕΝΟΗΘΗ ΝΑ ΑΥΤΟΚΤΟΝΗΣΗ.— ΑΙ ΑΝΑΚΡΙΣΕΙΣ ΣΥΝΕΧΙΖΟΝΤΑΙ ΕΞΟΝΥΧΙΣΤΙΚΩΣ
░░░░ ░░░░ ░░░░░ ░░░░ ░░░░░░ ░░░░ ░░░░ ░░░░░ ░░░░ ░░░░░ ░░░░ ░░░░░░ ░░░░ ░░░░ ░░░░░ ░░░░ ░░░░░ ░░░░ ░░░░░░ ░░░░ ░░░░ ░░░░░ ░░░░ ░░░░░ ░░░░ ░░░░░░ ░░░░ ░░░░ ░░░░░ ░░░░ ░░░░░ ░░░░ ░░░░░░ ░░░░ ░░░░ ░░░░░ ░░░░ ░░░░░ ░░░░ ░░░░░░ ░░░░ ░░░░ ░░░░░ ░░░░ ░░░░░ ░░░░ ░░░░░░ ░░░░ ░░░░ ░░░░░ ░░░░ ░░░░░ ░░░░ ░░░░░░ ░░░░ ░░░░ ░░░░░ ░░░░ ░░░░░ ░░░░ ░░░░░░ ░░░░ ░░░░ ░░░░░ ░░░░ ░░░░░ ░░░░ ░░░░░░ ░░░░ ░░░░ ░░░░░ ░░░░ ░░░░░ ░░░░ ░░░░░░ ░░░░ ░░░░ ░░░░░ ░░░░ ░░░░░ ░░░░ ░░░░░░ ░░░░ ░░░░ ░░░░░ ░░░░ ░░░░░ ░░░░ ░░░░░░ ░░░░ ░░░░ ░░░░░
░░░░ ░░░░ ░░░░░ ░░░░ ░░░░░░ ░░░░ ░░░░ ░░░░░ ░░░░ ░░░░░ ░░░░ ░░░░░░ ░░░░ ░░░░ ░░░░░ ░░░░ ░░░░░ ░░░░ ░░░░░░ ░░░░ ░░░░ ░░░░░ ░░░░ ░░░░░ ░░░░ ░░░░░░ ░░░░ ░░░░ ░░░░░ ░░░░ ░░░░░ ░░░░ ░░░░░░ ░░░░ ░░░░ ░░░░░ ░░░░ ░░░░░ ░░░░ ░░░░░░ ░░░░ ░░░░ ░░░░░ ░░░░ ░░░░░ ░░░░ ░░░░░░ ░░░░ ░░░░ ░░░░░ ░░░░ ░░░░░ ░░░░ ░░░░░░ ░░░░ ░░░░ ░░░░░ ░░░░ ░░░░░ ░░░░ ░░░░░░ ░░░░ ░░░░ ░░░░░ ░░░░ ░░░░░ ░░░░ ░░░░░░ ░░░░ ░░░░ ░░░░░ ░░░░ ░░░░░ ░░░░ ░░░░░░ ░░░░ ░░░░ ░░░░░ ░░░░ ░░░░░ ░░░░ ░░░░░░ ░░░░ ░░░░ ░░░░░ ░░░░ ░░░░░ ░░░░ ░░░░░░ ░░░░ ░░░░ ░░░░░
ΕΙΣ ΤΟ ΠΡΟΣΕΧΕΣ ΜΕΛΛΟΝ
ΠΡΟΛΗΠΤΙΚΑ ΧΑΠΙΑ ΘΑ ΠΡΟΣΤΑΤΕΥΟΥΝ ΤΟΥΣ ΚΑΠΝΙΣΤΑΣ ΑΠΟ ΤΟΝ ΚΑΡΚΙΝΟΝ
ΕΠΙΤΥΧΗ ΤΑ ΠΕΙΡΑΜΑΤΑ ΕΠΙ ΠΟΝΤΙΚΩΝ.— Ο ΡΟΛΟΣ ΤΟΥ ΑΡΩΜΑΤΙΚΟΥ ΥΔΡΑΝΘΡΑΚΟΣ.— ΑΙ ΕΛΠΙΔΕΣ ΕΝΟΣ ΚΑΡΚΙΝΟΛΟΓΟΥ
░░░░ ░░░░ ░░░░░ ░░░░ ░░░░░░ ░░░░ ░░░░ ░░░░░ ░░░░ ░░░░░ ░░░░ ░░░░░░ ░░░░ ░░░░ ░░░░░ ░░░░ ░░░░░ ░░░░ ░░░░░░ ░░░░ ░░░░ ░░░░░ ░░░░ ░░░░░ ░░░░ ░░░░░░ ░░░░ ░░░░ ░░░░░ ░░░░ ░░░░░ ░░░░ ░░░░░░ ░░░░ ░░░░ ░░░░░ ░░░░ ░░░░░ ░░░░ ░░░░░░
░░░░ ░░░░ ░░░░░ ░░░░ ░░░░░░ ░░░░ ░░░░ ░░░░░ ░░░░ ░░░░░ ░░░░ ░░░░░░ ░░░░ ░░░░ ░░░░░ ░░░░ ░░░░░ ░░░░ ░░░░░░ ░░░░ ░░░░ ░░░░░ ░░░░ ░░░░░ ░░░░ ░░░░░░ ░░░░ ░░░░ ░░░░░ ░░░░ ░░░░░ ░░░░ ░░░░░░ ░░░░ ░░░░ ░░░░░ ░░░░ ░░░░░ ░░░░ ░░░░░░
ΕΙΣ ΕΙΔΙΚΗΝ ΣΥΣΚΕΨΙΝ ΤΩΝ ΑΡΜΟΔΙΩΝ ΥΠΟΥΡΓΩΝ ΘΑ ΕΞΕΤΑΣΘΗ ΤΟ ΘΕΜΑ ΤΩΝ ΑΜΥΝΤΙΚΩΝ ΜΑΣ ΔΑΠΑΝΩΝ
ΑΝΥΠΟΣΤΑΤΑ ΤΑ ΠΕΡΙ ΜΗΝΥΜΑΤΟΣ ΤΟΥ ΛΕΜΝΙΤΣΕΡ
░░░░ ░░░░ ░░░░░ ░░░░ ░░░░░░ ░░░░ ░░░░ ░░░░░ ░░░░ ░░░░░ ░░░░ ░░░░░░ ░░░░ ░░░░ ░░░░░ ░░░░ ░░░░░ ░░░░ ░░░░░░ ░░░░ ░░░░ ░░░░░ ░░░░ ░░░░░ ░░░░ ░░░░░░ ░░░░ ░░░░ ░░░░░ ░░░░ ░░░░░ ░░░░ ░░░░░░ ░░░░ ░░░░ ░░░░░
░░░░ ░░░░ ░░░░░ ░░░░ ░░░░░░ ░░░░ ░░░░ ░░░░░ ░░░░ ░░░░░ ░░░░ ░░░░░░ ░░░░ ░░░░ ░░░░░ ░░░░ ░░░░░ ░░░░ ░░░░░░ ░░░░ ░░░░ ░░░░░ ░░░░ ░░░░░ ░░░░ ░░░░░░ ░░░░ ░░░░ ░░░░░ ░░░░ ░░░░░ ░░░░ ░░░░░░ ░░░░ ░░░░ ░░░░░
